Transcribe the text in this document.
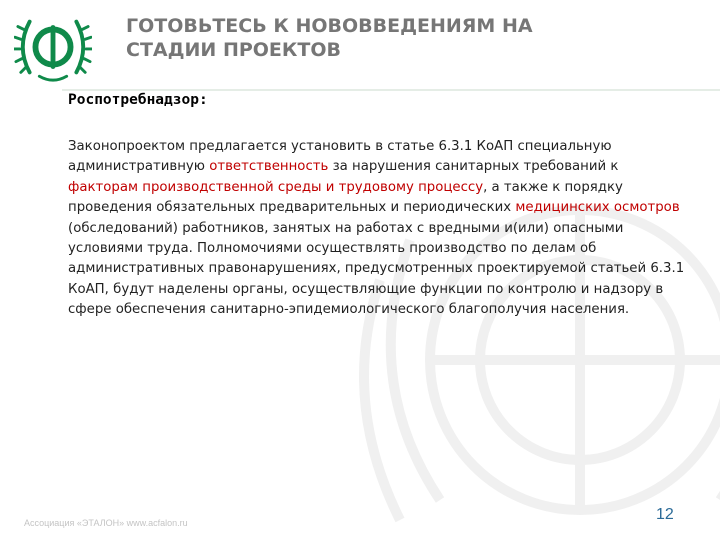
ГОТОВЬТЕСЬ К НОВОВВЕДЕНИЯМ НА
СТАДИИ ПРОЕКТОВ
Роспотребнадзор:

Законопроектом предлагается установить в статье 6.3.1 КоАП специальную административную ответственность за нарушения санитарных требований к факторам производственной среды и трудовому процессу, а также к порядку проведения обязательных предварительных и периодических медицинских осмотров (обследований) работников, занятых на работах с вредными и(или) опасными условиями труда. Полномочиями осуществлять производство по делам об административных правонарушениях, предусмотренных проектируемой статьей 6.3.1 КоАП, будут наделены органы, осуществляющие функции по контролю и надзору в сфере обеспечения санитарно-эпидемиологического благополучия населения.

Ассоциация «ЭТАЛОН» www.acfalon.ru	12
